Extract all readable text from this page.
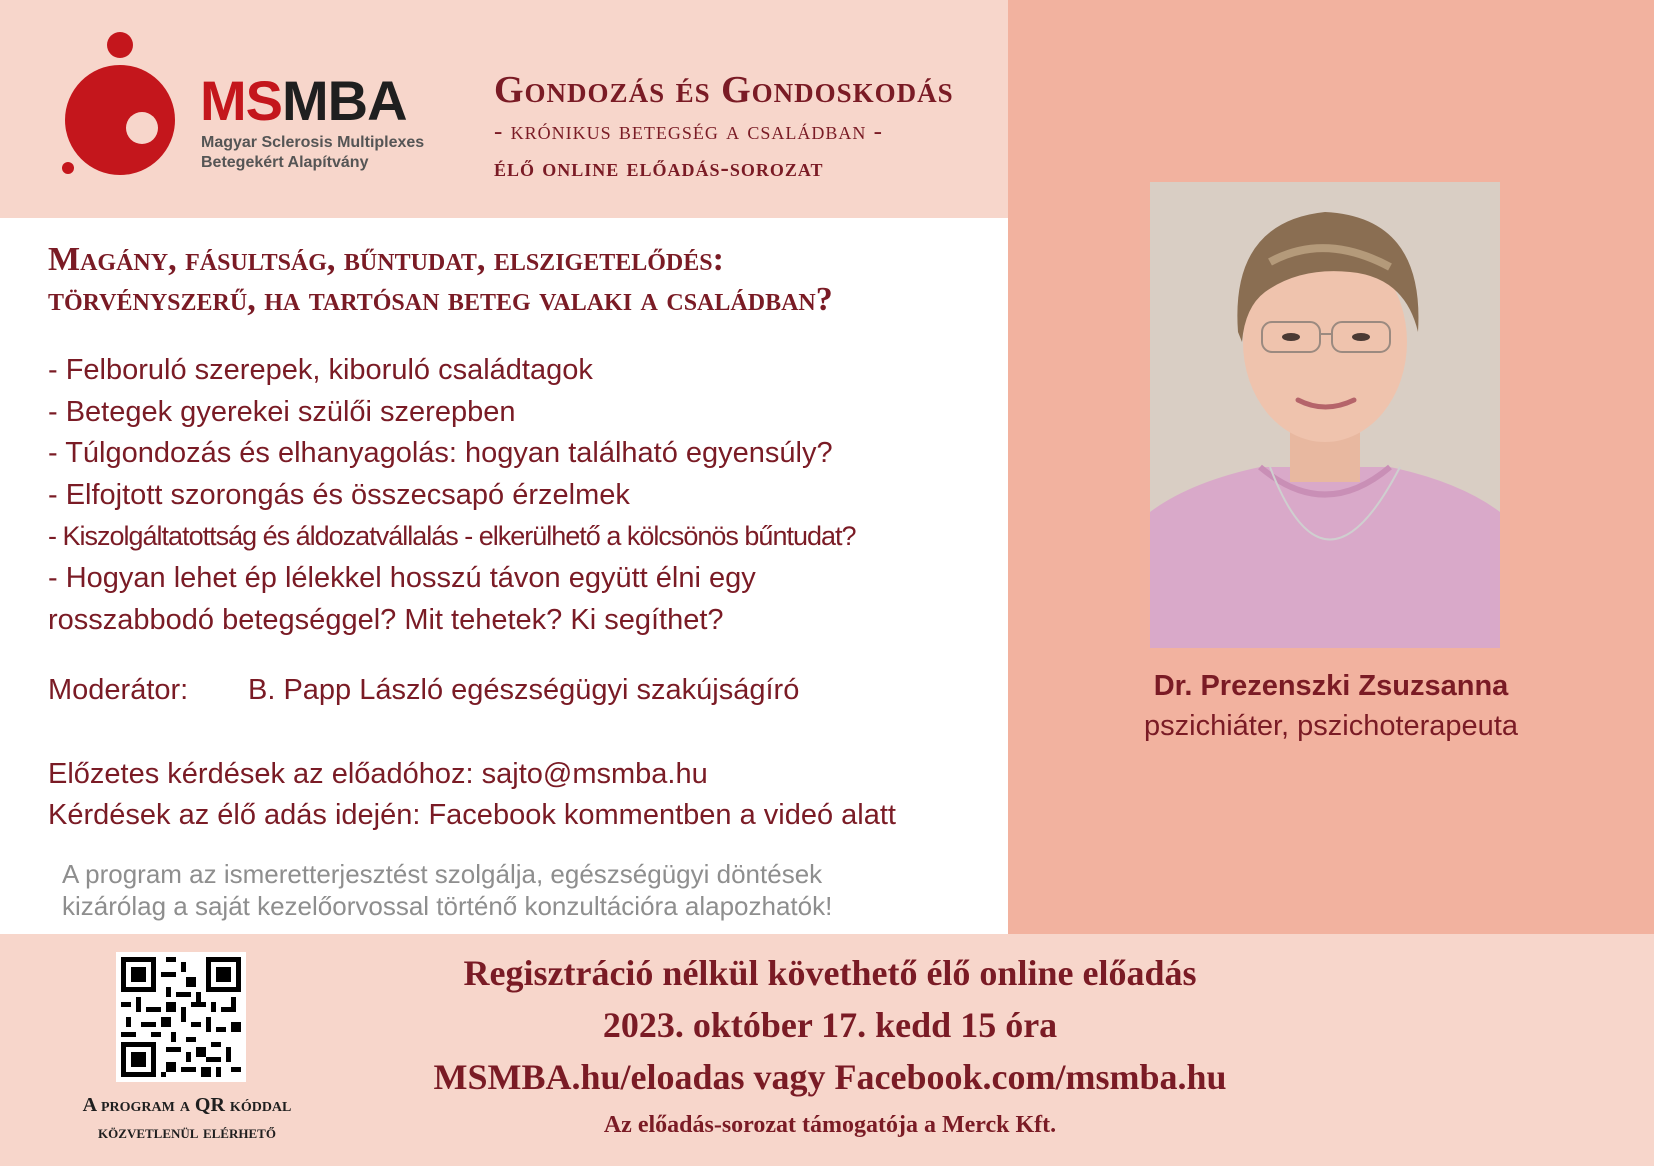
MSMBA
Magyar Sclerosis Multiplexes
Betegekért Alapítvány
Gondozás és Gondoskodás
- krónikus betegség a családban -
élő online előadás-sorozat
Magány, fásultság, bűntudat, elszigetelődés:
törvényszerű, ha tartósan beteg valaki a családban?
- Felboruló szerepek, kiboruló családtagok
- Betegek gyerekei szülői szerepben
- Túlgondozás és elhanyagolás: hogyan található egyensúly?
- Elfojtott szorongás és összecsapó érzelmek
- Kiszolgáltatottság és áldozatvállalás - elkerülhető a kölcsönös bűntudat?
- Hogyan lehet ép lélekkel hosszú távon együtt élni egy
rosszabbodó betegséggel? Mit tehetek? Ki segíthet?
Moderátor: B. Papp László egészségügyi szakújságíró
Előzetes kérdések az előadóhoz: sajto@msmba.hu
Kérdések az élő adás idején: Facebook kommentben a videó alatt
A program az ismeretterjesztést szolgálja, egészségügyi döntések
kizárólag a saját kezelőorvossal történő konzultációra alapozhatók!
Dr. Prezenszki Zsuzsanna
pszichiáter, pszichoterapeuta
A program a QR kóddal
közvetlenül elérhető
Regisztráció nélkül követhető élő online előadás
2023. október 17. kedd 15 óra
MSMBA.hu/eloadas vagy Facebook.com/msmba.hu
Az előadás-sorozat támogatója a Merck Kft.
